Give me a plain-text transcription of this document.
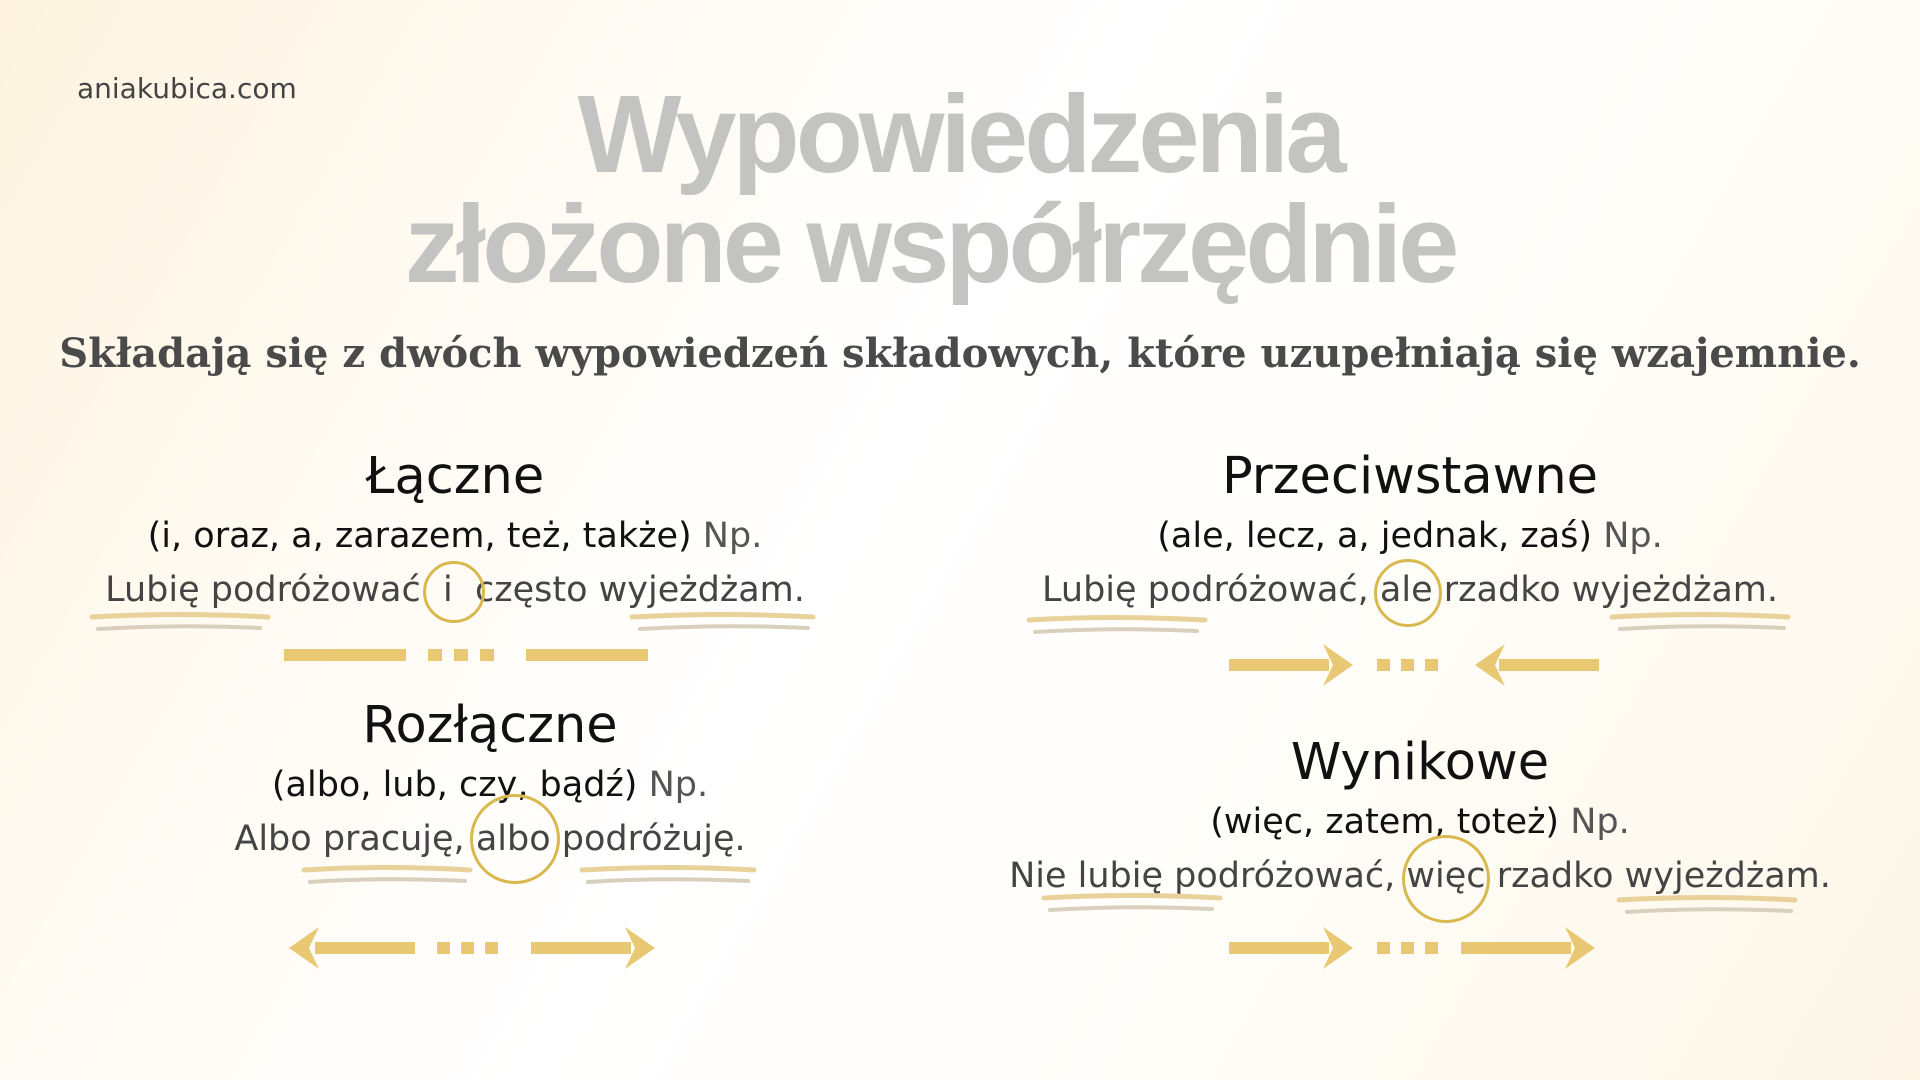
aniakubica.com	Wypowiedzenia
złożone współrzędnie
Składają się z dwóch wypowiedzeń składowych, które uzupełniają się wzajemnie.
Łączne
(i, oraz, a, zarazem, też, także) Np.
Lubię podróżować i często wyjeżdżam.
Przeciwstawne
(ale, lecz, a, jednak, zaś) Np.
Lubię podróżować, ale rzadko wyjeżdżam.
Rozłączne
(albo, lub, czy, bądź) Np.
Albo pracuję, albo podróżuję.
Wynikowe
(więc, zatem, toteż) Np.
Nie lubię podróżować, więc rzadko wyjeżdżam.
